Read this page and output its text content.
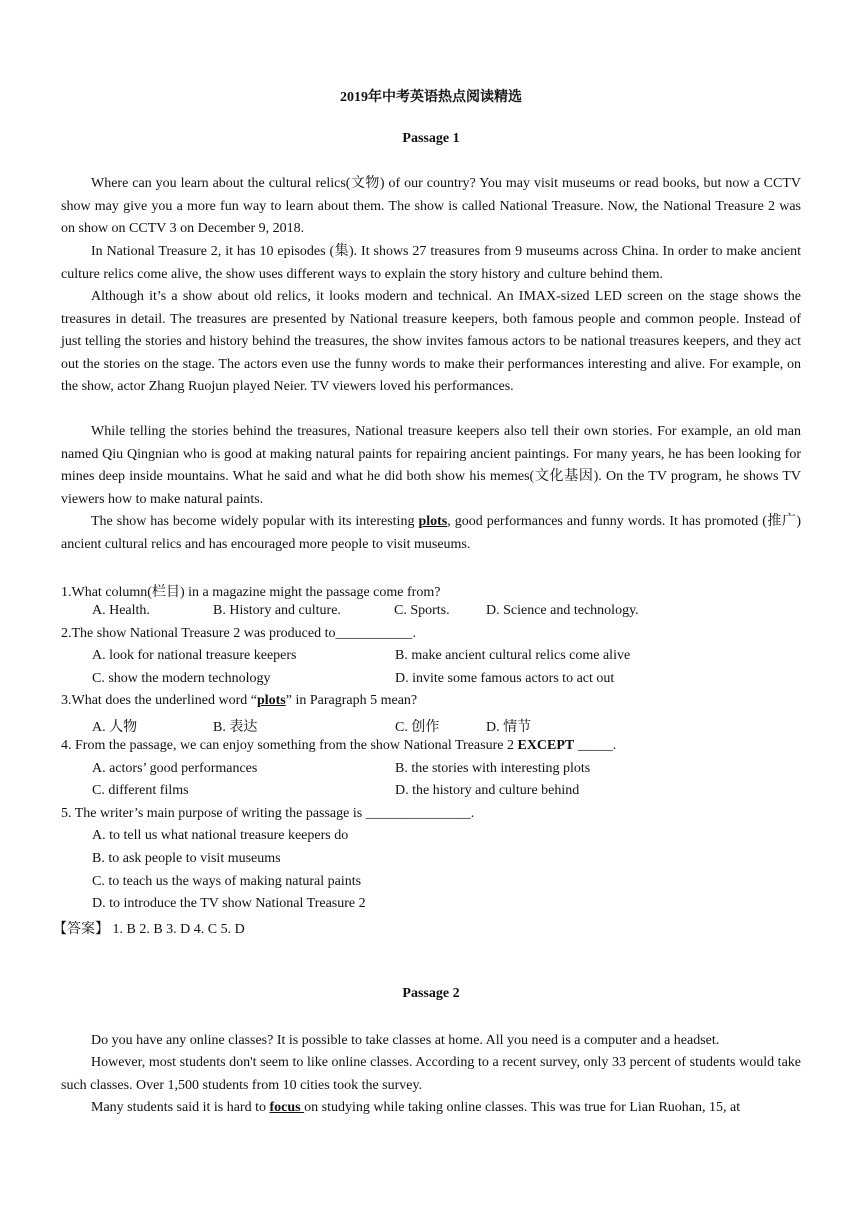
2019年中考英语热点阅读精选
Passage 1

Where can you learn about the cultural relics(文物) of our country? You may visit museums or read books, but now a CCTV show may give you a more fun way to learn about them. The show is called National Treasure. Now, the National Treasure 2 was on show on CCTV 3 on December 9, 2018.

In National Treasure 2, it has 10 episodes (集). It shows 27 treasures from 9 museums across China. In order to make ancient culture relics come alive, the show uses different ways to explain the story history and culture behind them.

Although it’s a show about old relics, it looks modern and technical. An IMAX-sized LED screen on the stage shows the treasures in detail. The treasures are presented by National treasure keepers, both famous people and common people. Instead of just telling the stories and history behind the treasures, the show invites famous actors to be national treasures keepers, and they act out the stories on the stage. The actors even use the funny words to make their performances interesting and alive. For example, on the show, actor Zhang Ruojun played Neier. TV viewers loved his performances.

While telling the stories behind the treasures, National treasure keepers also tell their own stories. For example, an old man named Qiu Qingnian who is good at making natural paints for repairing ancient paintings. For many years, he has been looking for mines deep inside mountains. What he said and what he did both show his memes(文化基因). On the TV program, he shows TV viewers how to make natural paints.

The show has become widely popular with its interesting plots, good performances and funny words. It has promoted (推广) ancient cultural relics and has encouraged more people to visit museums.

1.What column(栏目) in a magazine might the passage come from?
A. Health.	B. History and culture.	C. Sports.	D. Science and technology.
2.The show National Treasure 2 was produced to___________.
A. look for national treasure keepers	B. make ancient cultural relics come alive
C. show the modern technology	D. invite some famous actors to act out
3.What does the underlined word “plots” in Paragraph 5 mean?
A. 人物	B. 表达	C. 创作	D. 情节
4. From the passage, we can enjoy something from the show National Treasure 2 EXCEPT _____.
A. actors’ good performances	B. the stories with interesting plots
C. different films	D. the history and culture behind
5. The writer’s main purpose of writing the passage is _______________.
A. to tell us what national treasure keepers do
B. to ask people to visit museums
C. to teach us the ways of making natural paints
D. to introduce the TV show National Treasure 2
【答案】 1. B 2. B 3. D 4. C 5. D
Passage 2

Do you have any online classes? It is possible to take classes at home. All you need is a computer and a headset.

However, most students don't seem to like online classes. According to a recent survey, only 33 percent of students would take such classes. Over 1,500 students from 10 cities took the survey.

Many students said it is hard to focus on studying while taking online classes. This was true for Lian Ruohan, 15, at
